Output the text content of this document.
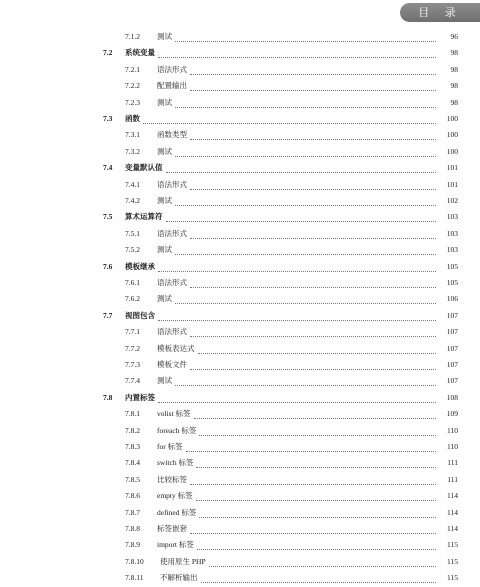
目 录
7.1.2 测试	96
7.2 系统变量	98
7.2.1 语法形式	98
7.2.2 配置输出	98
7.2.3 测试	98
7.3 函数	100
7.3.1 函数类型	100
7.3.2 测试	100
7.4 变量默认值	101
7.4.1 语法形式	101
7.4.2 测试	102
7.5 算术运算符	103
7.5.1 语法形式	103
7.5.2 测试	103
7.6 模板继承	105
7.6.1 语法形式	105
7.6.2 测试	106
7.7 视图包含	107
7.7.1 语法形式	107
7.7.2 模板表达式	107
7.7.3 模板文件	107
7.7.4 测试	107
7.8 内置标签	108
7.8.1 volist 标签	109
7.8.2 foreach 标签	110
7.8.3 for 标签	110
7.8.4 switch 标签	111
7.8.5 比较标签	111
7.8.6 empty 标签	114
7.8.7 defined 标签	114
7.8.8 标签嵌套	114
7.8.9 import 标签	115
7.8.10 使用原生 PHP	115
7.8.11 不解析输出	115
